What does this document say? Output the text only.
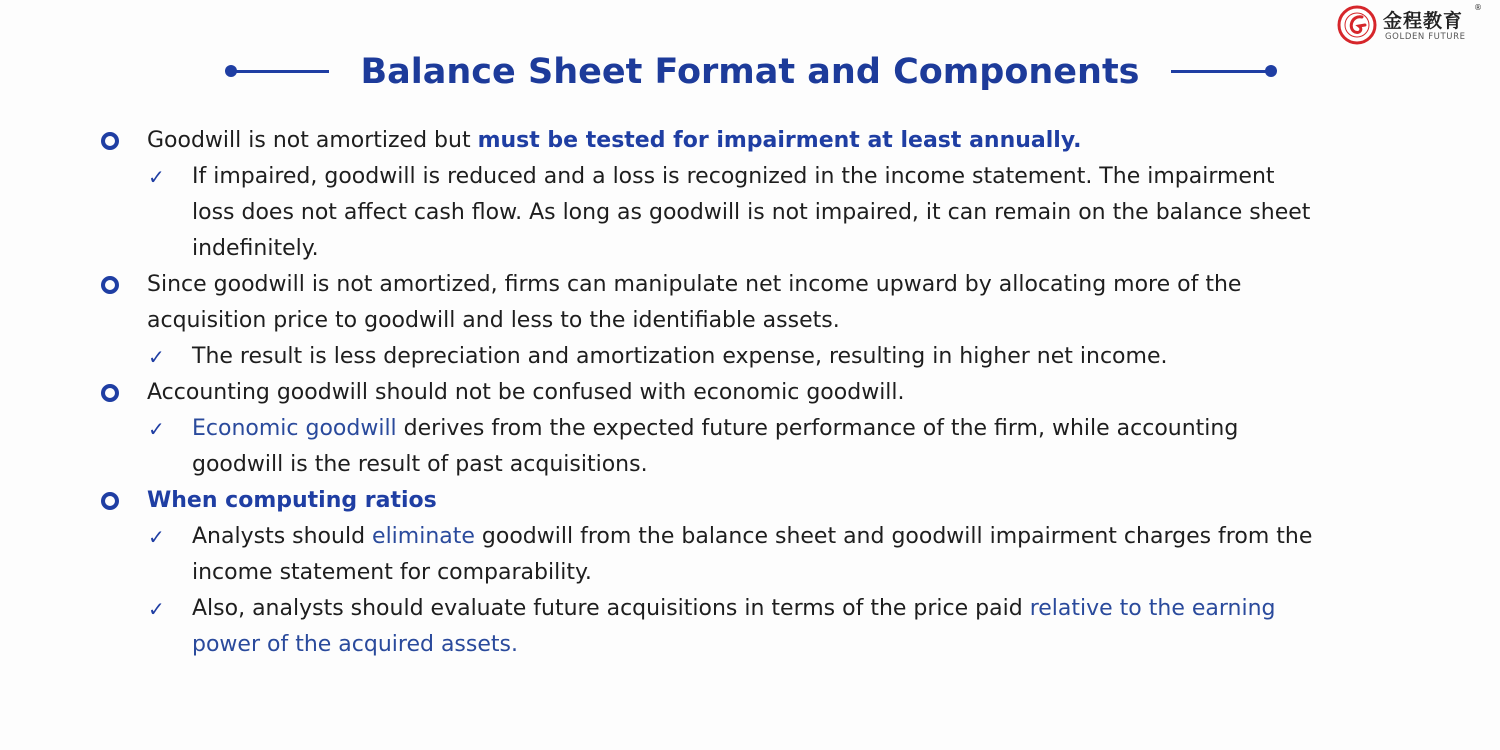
金程教育
®
GOLDEN FUTURE
Balance Sheet Format and Components
Goodwill is not amortized but must be tested for impairment at least annually.
✓ If impaired, goodwill is reduced and a loss is recognized in the income statement. The impairment
loss does not affect cash flow. As long as goodwill is not impaired, it can remain on the balance sheet
indefinitely.
Since goodwill is not amortized, firms can manipulate net income upward by allocating more of the
acquisition price to goodwill and less to the identifiable assets.
✓ The result is less depreciation and amortization expense, resulting in higher net income.
Accounting goodwill should not be confused with economic goodwill.
✓ Economic goodwill derives from the expected future performance of the firm, while accounting
goodwill is the result of past acquisitions.
When computing ratios
✓ Analysts should eliminate goodwill from the balance sheet and goodwill impairment charges from the
income statement for comparability.
✓ Also, analysts should evaluate future acquisitions in terms of the price paid relative to the earning
power of the acquired assets.
